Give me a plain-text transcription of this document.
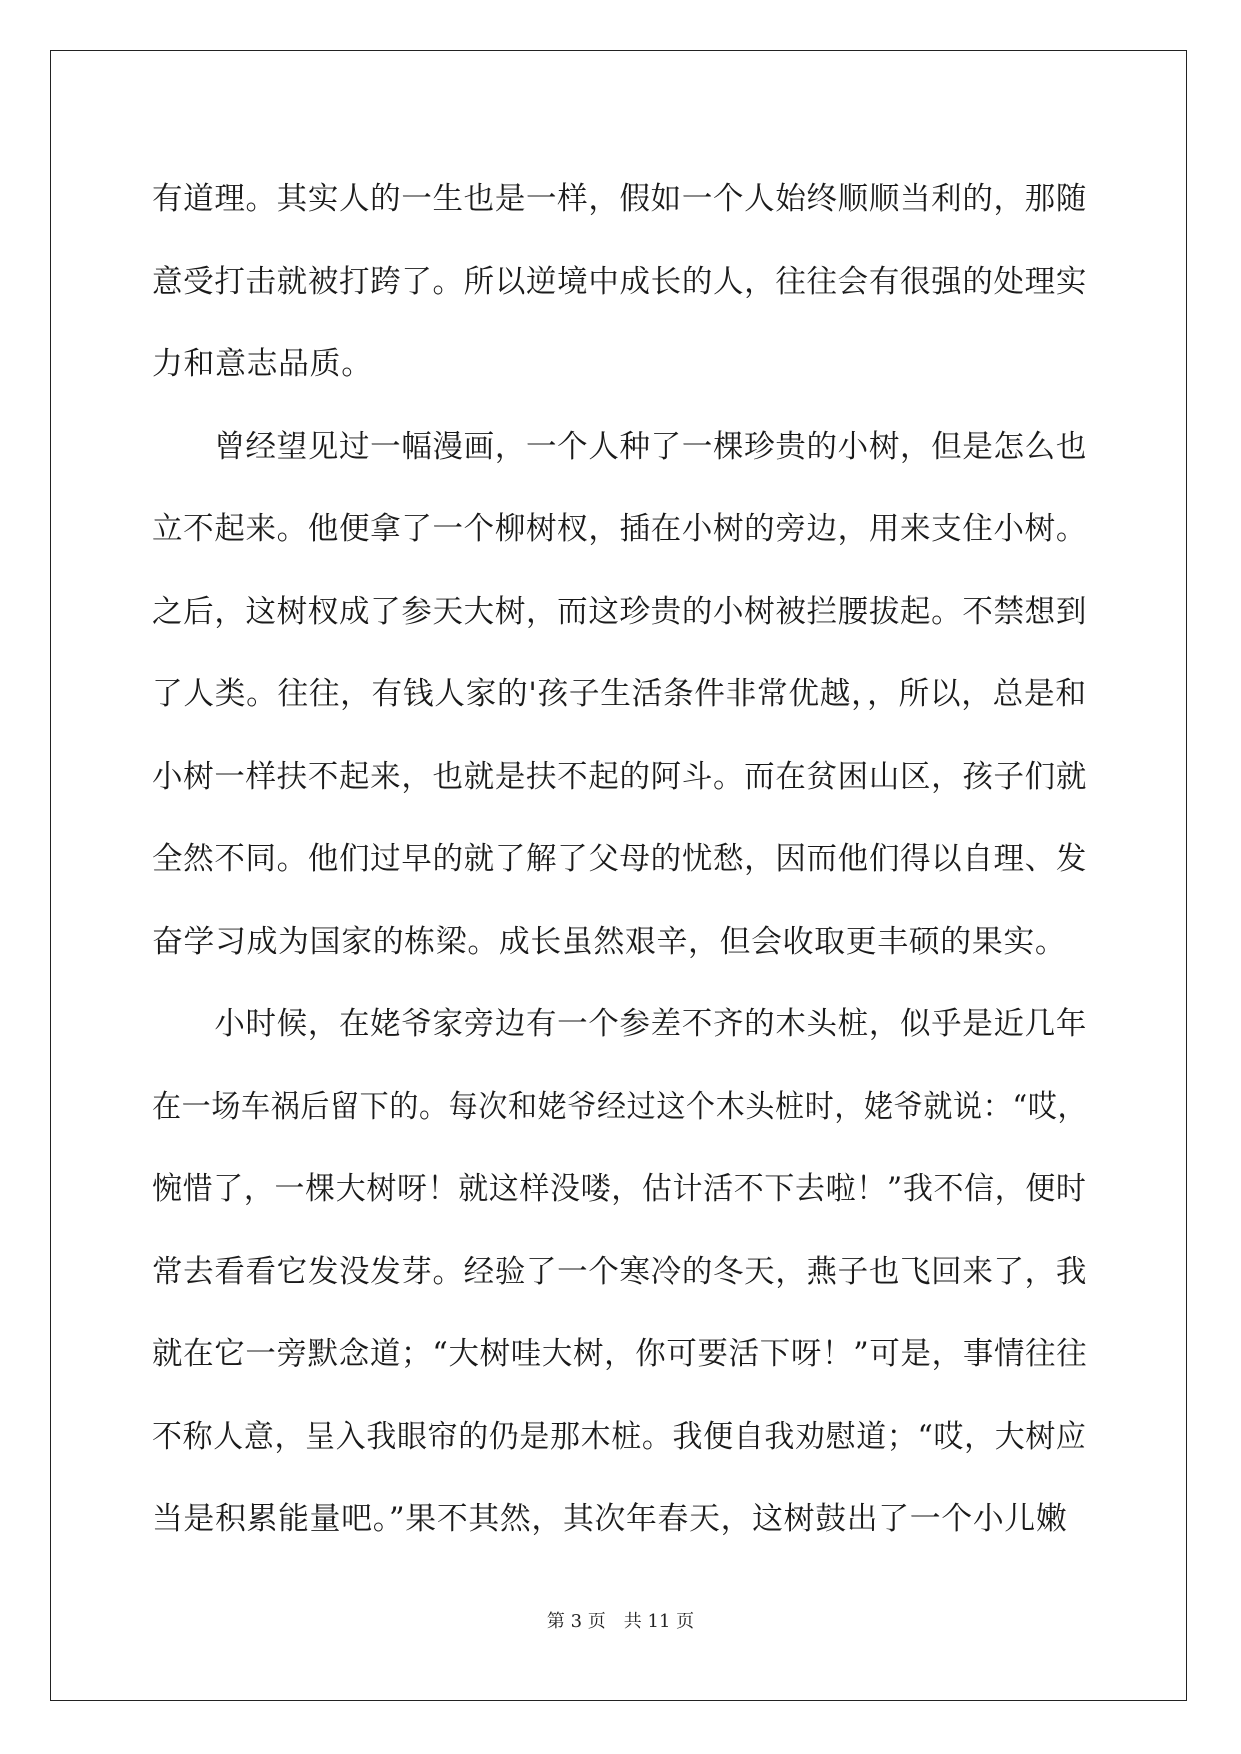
有道理。其实人的一生也是一样，假如一个人始终顺顺当利的，那随
意受打击就被打跨了。所以逆境中成长的人，往往会有很强的处理实
力和意志品质。
　　曾经望见过一幅漫画，一个人种了一棵珍贵的小树，但是怎么也
立不起来。他便拿了一个柳树杈，插在小树的旁边，用来支住小树。
之后，这树杈成了参天大树，而这珍贵的小树被拦腰拔起。不禁想到
了人类。往往，有钱人家的'孩子生活条件非常优越，，所以，总是和
小树一样扶不起来，也就是扶不起的阿斗。而在贫困山区，孩子们就
全然不同。他们过早的就了解了父母的忧愁，因而他们得以自理、发
奋学习成为国家的栋梁。成长虽然艰辛，但会收取更丰硕的果实。
　　小时候，在姥爷家旁边有一个参差不齐的木头桩，似乎是近几年
在一场车祸后留下的。每次和姥爷经过这个木头桩时，姥爷就说：“哎，
惋惜了，一棵大树呀！就这样没喽，估计活不下去啦！”我不信，便时
常去看看它发没发芽。经验了一个寒冷的冬天，燕子也飞回来了，我
就在它一旁默念道；“大树哇大树，你可要活下呀！”可是，事情往往
不称人意，呈入我眼帘的仍是那木桩。我便自我劝慰道；“哎，大树应
当是积累能量吧。”果不其然，其次年春天，这树鼓出了一个小儿嫩
第 3 页　共 11 页
